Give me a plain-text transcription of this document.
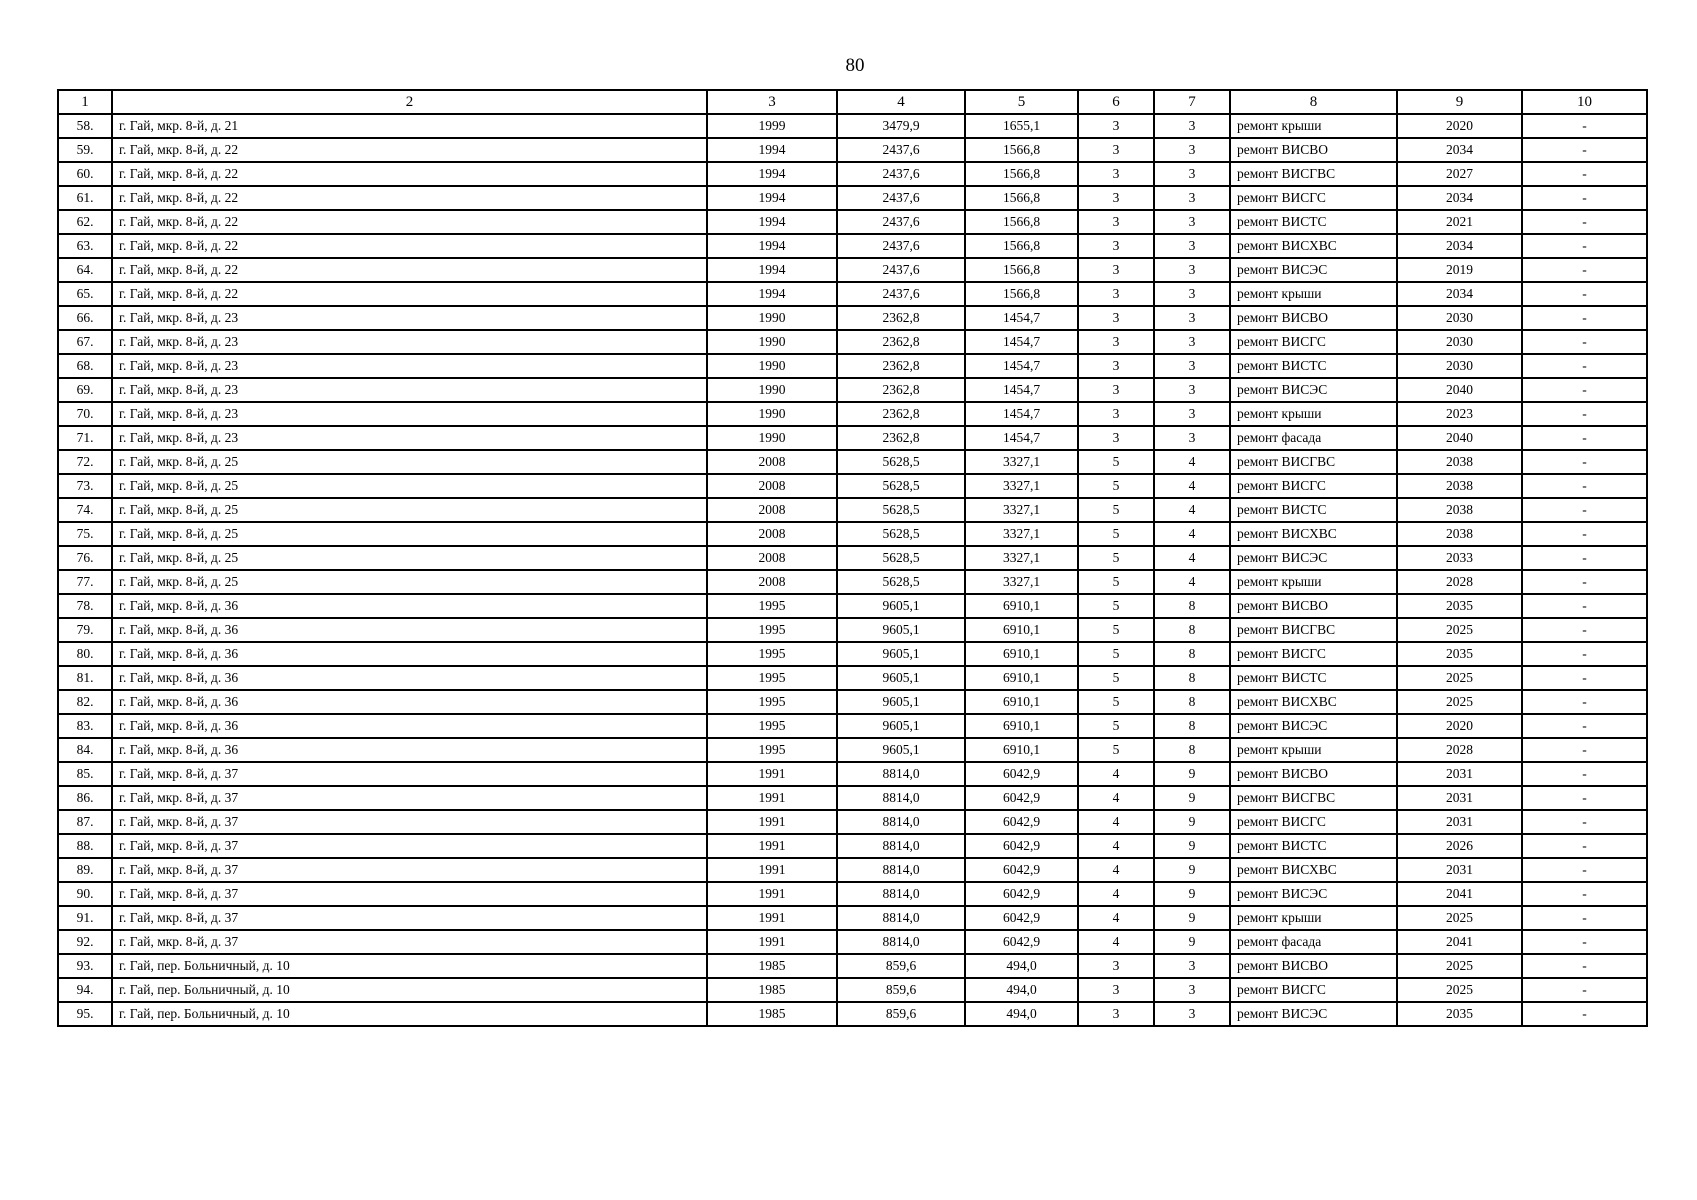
80
1	2	3	4	5	6	7	8	9	10
58.	г. Гай, мкр. 8-й, д. 21	1999	3479,9	1655,1	3	3	ремонт крыши	2020	-
59.	г. Гай, мкр. 8-й, д. 22	1994	2437,6	1566,8	3	3	ремонт ВИСВО	2034	-
60.	г. Гай, мкр. 8-й, д. 22	1994	2437,6	1566,8	3	3	ремонт ВИСГВС	2027	-
61.	г. Гай, мкр. 8-й, д. 22	1994	2437,6	1566,8	3	3	ремонт ВИСГС	2034	-
62.	г. Гай, мкр. 8-й, д. 22	1994	2437,6	1566,8	3	3	ремонт ВИСТС	2021	-
63.	г. Гай, мкр. 8-й, д. 22	1994	2437,6	1566,8	3	3	ремонт ВИСХВС	2034	-
64.	г. Гай, мкр. 8-й, д. 22	1994	2437,6	1566,8	3	3	ремонт ВИСЭС	2019	-
65.	г. Гай, мкр. 8-й, д. 22	1994	2437,6	1566,8	3	3	ремонт крыши	2034	-
66.	г. Гай, мкр. 8-й, д. 23	1990	2362,8	1454,7	3	3	ремонт ВИСВО	2030	-
67.	г. Гай, мкр. 8-й, д. 23	1990	2362,8	1454,7	3	3	ремонт ВИСГС	2030	-
68.	г. Гай, мкр. 8-й, д. 23	1990	2362,8	1454,7	3	3	ремонт ВИСТС	2030	-
69.	г. Гай, мкр. 8-й, д. 23	1990	2362,8	1454,7	3	3	ремонт ВИСЭС	2040	-
70.	г. Гай, мкр. 8-й, д. 23	1990	2362,8	1454,7	3	3	ремонт крыши	2023	-
71.	г. Гай, мкр. 8-й, д. 23	1990	2362,8	1454,7	3	3	ремонт фасада	2040	-
72.	г. Гай, мкр. 8-й, д. 25	2008	5628,5	3327,1	5	4	ремонт ВИСГВС	2038	-
73.	г. Гай, мкр. 8-й, д. 25	2008	5628,5	3327,1	5	4	ремонт ВИСГС	2038	-
74.	г. Гай, мкр. 8-й, д. 25	2008	5628,5	3327,1	5	4	ремонт ВИСТС	2038	-
75.	г. Гай, мкр. 8-й, д. 25	2008	5628,5	3327,1	5	4	ремонт ВИСХВС	2038	-
76.	г. Гай, мкр. 8-й, д. 25	2008	5628,5	3327,1	5	4	ремонт ВИСЭС	2033	-
77.	г. Гай, мкр. 8-й, д. 25	2008	5628,5	3327,1	5	4	ремонт крыши	2028	-
78.	г. Гай, мкр. 8-й, д. 36	1995	9605,1	6910,1	5	8	ремонт ВИСВО	2035	-
79.	г. Гай, мкр. 8-й, д. 36	1995	9605,1	6910,1	5	8	ремонт ВИСГВС	2025	-
80.	г. Гай, мкр. 8-й, д. 36	1995	9605,1	6910,1	5	8	ремонт ВИСГС	2035	-
81.	г. Гай, мкр. 8-й, д. 36	1995	9605,1	6910,1	5	8	ремонт ВИСТС	2025	-
82.	г. Гай, мкр. 8-й, д. 36	1995	9605,1	6910,1	5	8	ремонт ВИСХВС	2025	-
83.	г. Гай, мкр. 8-й, д. 36	1995	9605,1	6910,1	5	8	ремонт ВИСЭС	2020	-
84.	г. Гай, мкр. 8-й, д. 36	1995	9605,1	6910,1	5	8	ремонт крыши	2028	-
85.	г. Гай, мкр. 8-й, д. 37	1991	8814,0	6042,9	4	9	ремонт ВИСВО	2031	-
86.	г. Гай, мкр. 8-й, д. 37	1991	8814,0	6042,9	4	9	ремонт ВИСГВС	2031	-
87.	г. Гай, мкр. 8-й, д. 37	1991	8814,0	6042,9	4	9	ремонт ВИСГС	2031	-
88.	г. Гай, мкр. 8-й, д. 37	1991	8814,0	6042,9	4	9	ремонт ВИСТС	2026	-
89.	г. Гай, мкр. 8-й, д. 37	1991	8814,0	6042,9	4	9	ремонт ВИСХВС	2031	-
90.	г. Гай, мкр. 8-й, д. 37	1991	8814,0	6042,9	4	9	ремонт ВИСЭС	2041	-
91.	г. Гай, мкр. 8-й, д. 37	1991	8814,0	6042,9	4	9	ремонт крыши	2025	-
92.	г. Гай, мкр. 8-й, д. 37	1991	8814,0	6042,9	4	9	ремонт фасада	2041	-
93.	г. Гай, пер. Больничный, д. 10	1985	859,6	494,0	3	3	ремонт ВИСВО	2025	-
94.	г. Гай, пер. Больничный, д. 10	1985	859,6	494,0	3	3	ремонт ВИСГС	2025	-
95.	г. Гай, пер. Больничный, д. 10	1985	859,6	494,0	3	3	ремонт ВИСЭС	2035	-
